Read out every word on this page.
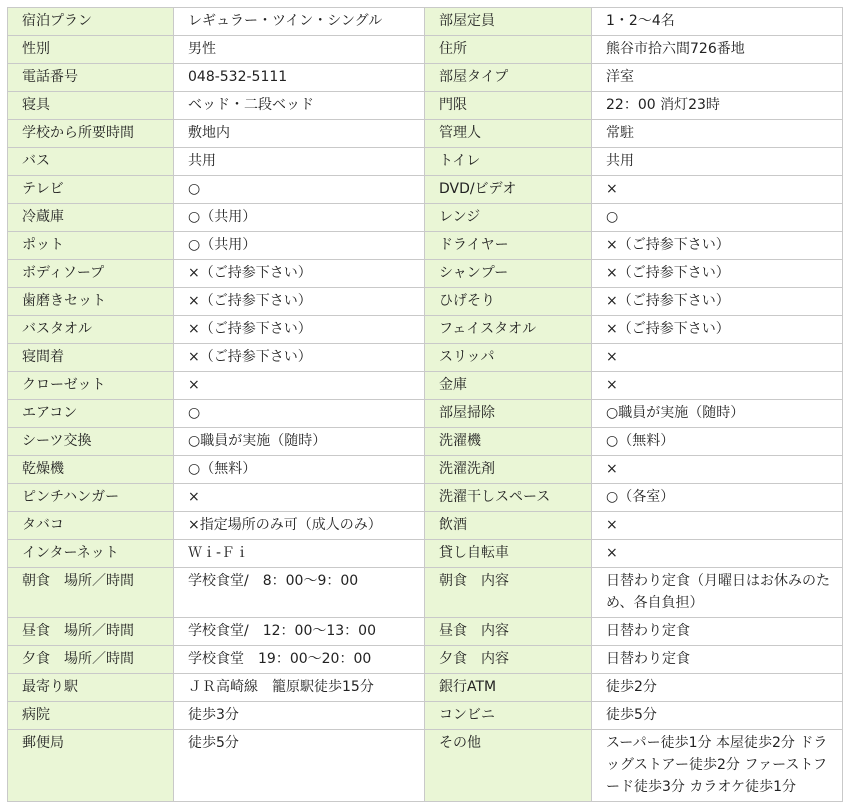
宿泊プラン	レギュラー・ツイン・シングル	部屋定員	1・2〜4名
性別	男性	住所	熊谷市拾六間726番地
電話番号	048-532-5111	部屋タイプ	洋室
寝具	ベッド・二段ベッド	門限	22：00 消灯23時
学校から所要時間	敷地内	管理人	常駐
バス	共用	トイレ	共用
テレビ	○	DVD/ビデオ	×
冷蔵庫	○（共用）	レンジ	○
ポット	○（共用）	ドライヤー	×（ご持参下さい）
ボディソープ	×（ご持参下さい）	シャンプー	×（ご持参下さい）
歯磨きセット	×（ご持参下さい）	ひげそり	×（ご持参下さい）
バスタオル	×（ご持参下さい）	フェイスタオル	×（ご持参下さい）
寝間着	×（ご持参下さい）	スリッパ	×
クローゼット	×	金庫	×
エアコン	○	部屋掃除	○職員が実施（随時）
シーツ交換	○職員が実施（随時）	洗濯機	○（無料）
乾燥機	○（無料）	洗濯洗剤	×
ピンチハンガー	×	洗濯干しスペース	○（各室）
タバコ	×指定場所のみ可（成人のみ）	飲酒	×
インターネット	Ｗｉ-Ｆｉ	貸し自転車	×
朝食　場所／時間	学校食堂/　8：00〜9：00	朝食　内容	日替わり定食（月曜日はお休みのため、各自負担）
昼食　場所／時間	学校食堂/　12：00〜13：00	昼食　内容	日替わり定食
夕食　場所／時間	学校食堂　19：00〜20：00	夕食　内容	日替わり定食
最寄り駅	ＪＲ高崎線　籠原駅徒歩15分	銀行ATM	徒歩2分
病院	徒歩3分	コンビニ	徒歩5分
郵便局	徒歩5分	その他	スーパー徒歩1分 本屋徒歩2分 ドラッグストアー徒歩2分 ファーストフード徒歩3分 カラオケ徒歩1分
